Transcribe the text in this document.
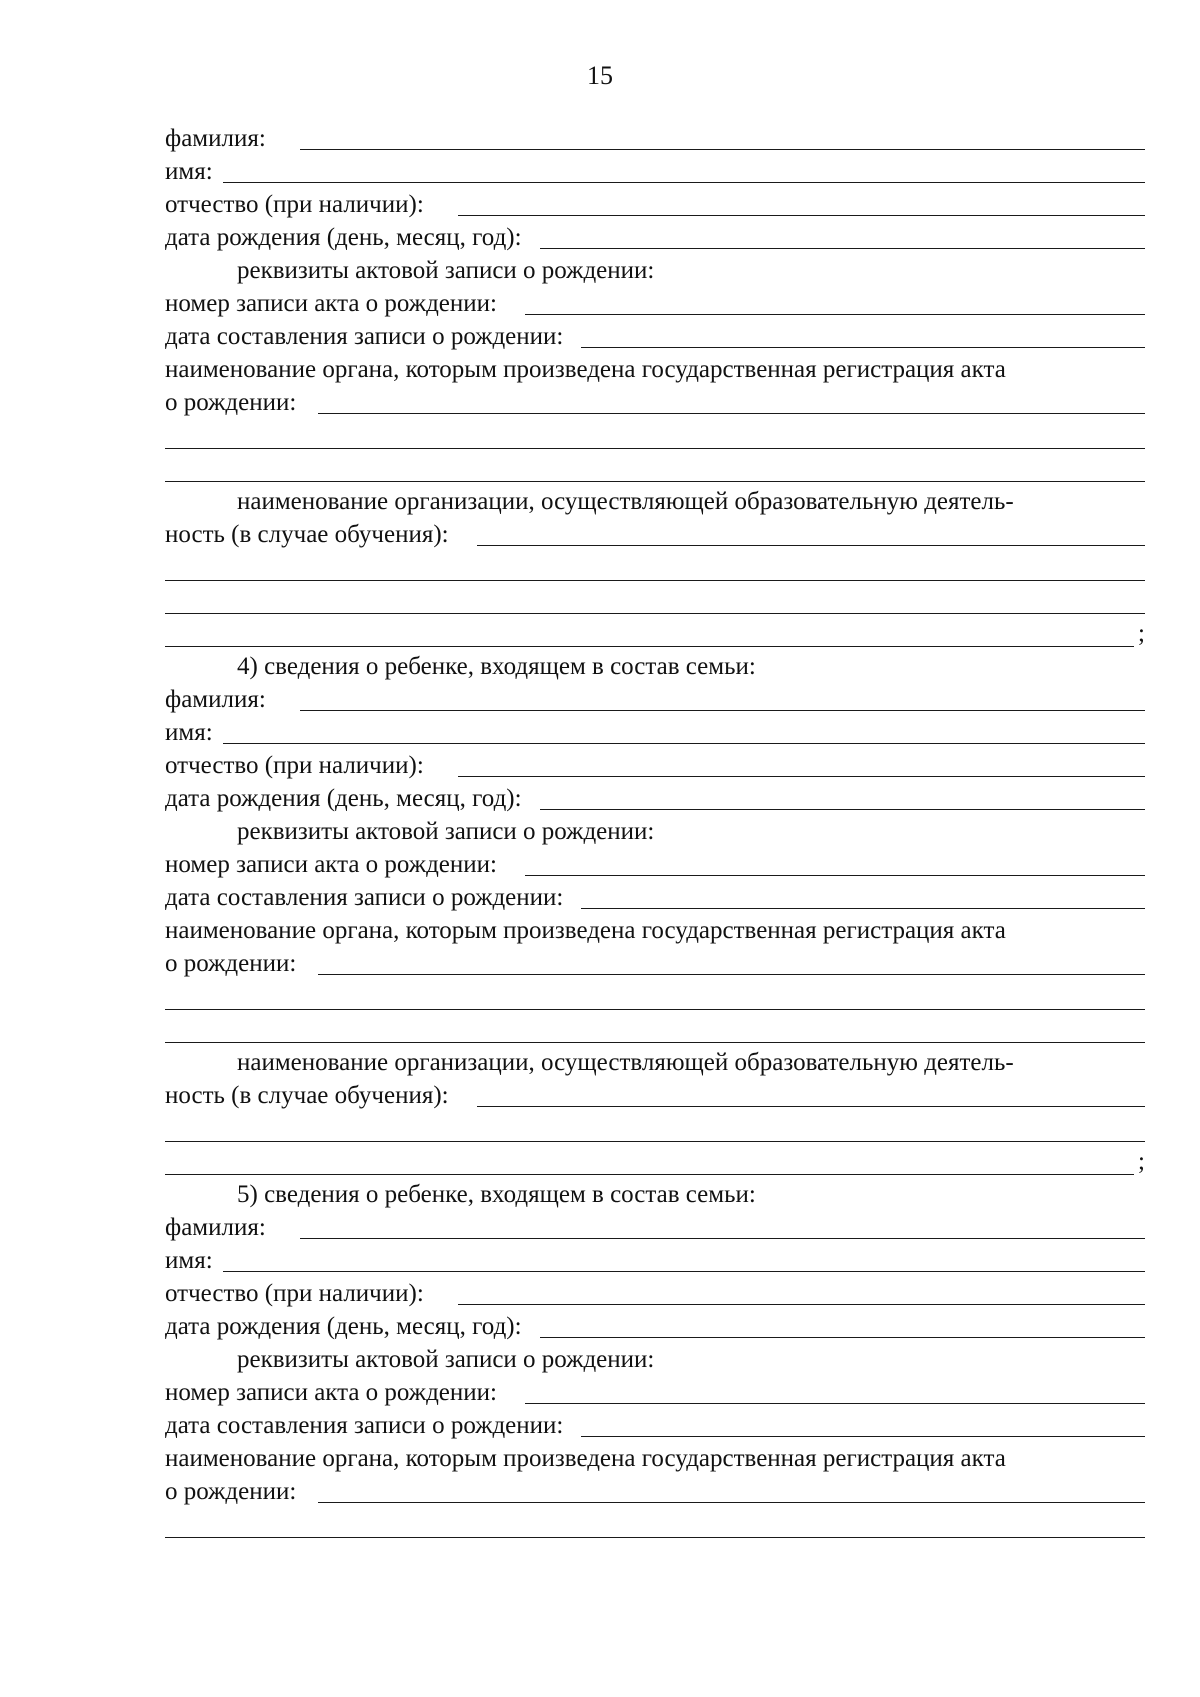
15
фамилия:
имя:
отчество (при наличии):
дата рождения (день, месяц, год):
реквизиты актовой записи о рождении:
номер записи акта о рождении:
дата составления записи о рождении:
наименование органа, которым произведена государственная регистрация акта
о рождении:
наименование организации, осуществляющей образовательную деятель-
ность (в случае обучения):
;
4) сведения о ребенке, входящем в состав семьи:
фамилия:
имя:
отчество (при наличии):
дата рождения (день, месяц, год):
реквизиты актовой записи о рождении:
номер записи акта о рождении:
дата составления записи о рождении:
наименование органа, которым произведена государственная регистрация акта
о рождении:
наименование организации, осуществляющей образовательную деятель-
ность (в случае обучения):
;
5) сведения о ребенке, входящем в состав семьи:
фамилия:
имя:
отчество (при наличии):
дата рождения (день, месяц, год):
реквизиты актовой записи о рождении:
номер записи акта о рождении:
дата составления записи о рождении:
наименование органа, которым произведена государственная регистрация акта
о рождении:
